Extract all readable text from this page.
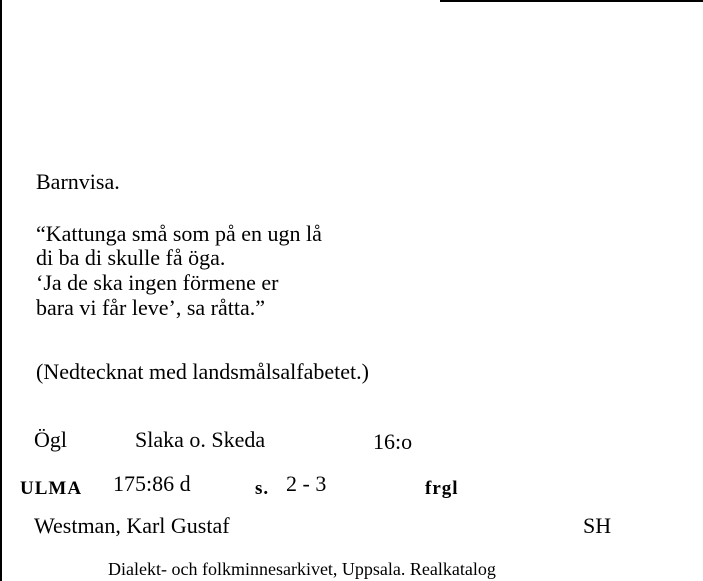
Barnvisa.
“Kattunga små som på en ugn lå
di ba di skulle få öga.
‘Ja de ska ingen förmene er
bara vi får leve’, sa råtta.”
(Nedtecknat med landsmålsalfabetet.)
Ögl	Slaka o. Skeda	16:o
ULMA 175:86 d	s. 2 - 3	frgl
Westman, Karl Gustaf	SH
Dialekt- och folkminnesarkivet, Uppsala. Realkatalog
